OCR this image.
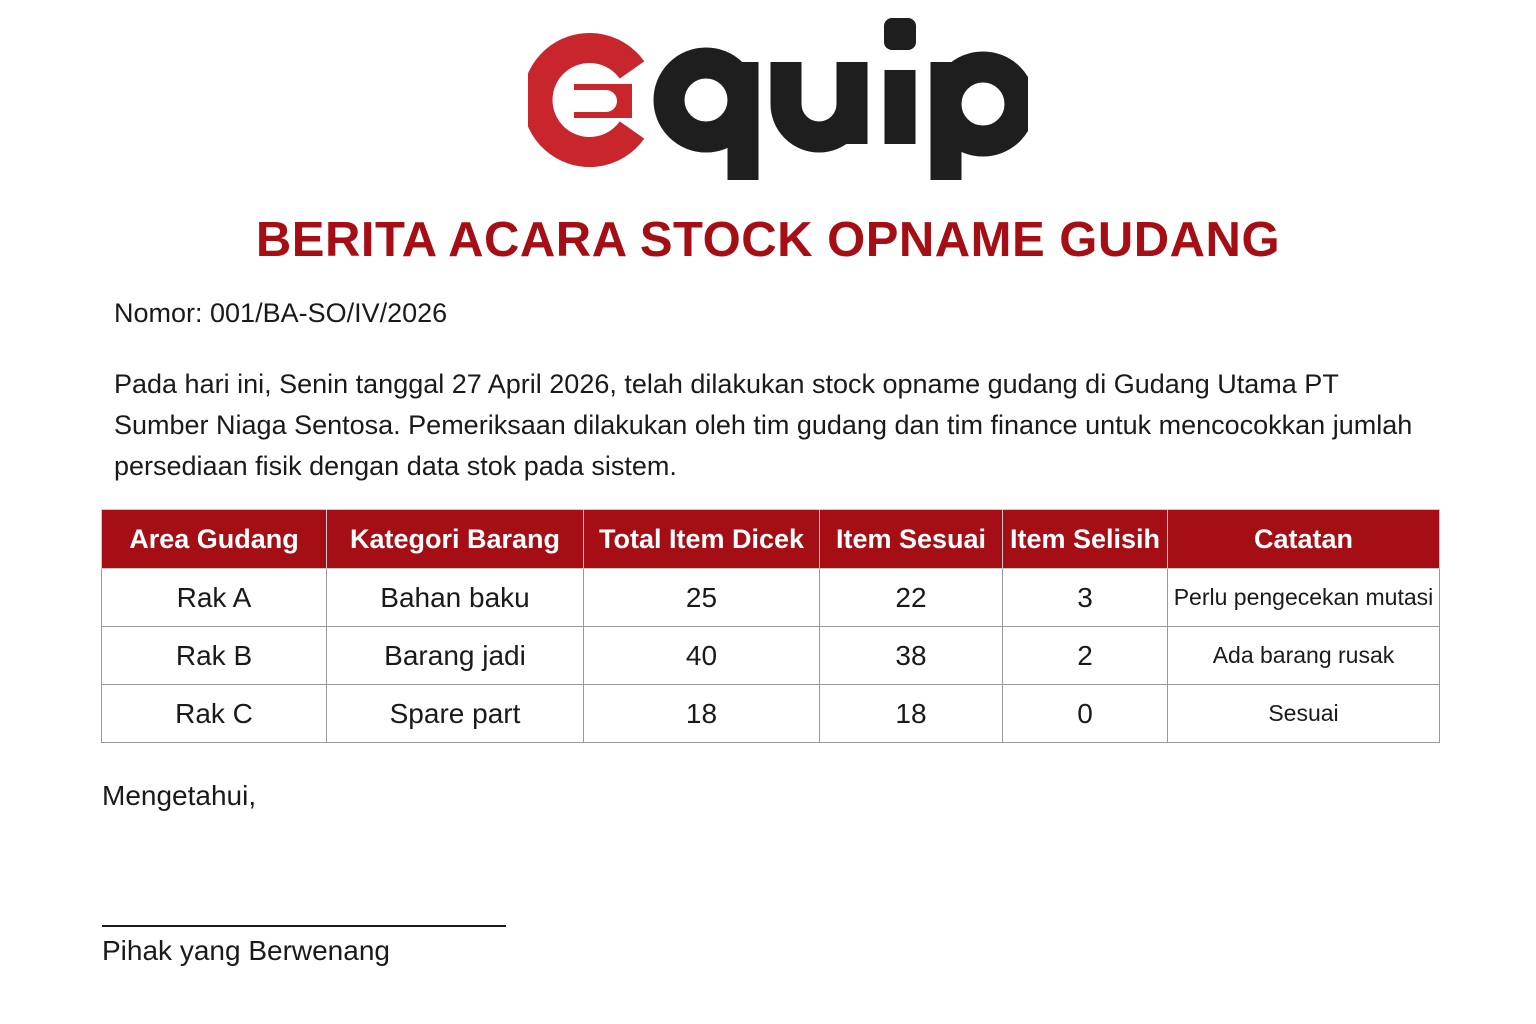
BERITA ACARA STOCK OPNAME GUDANG
Nomor: 001/BA-SO/IV/2026

Pada hari ini, Senin tanggal 27 April 2026, telah dilakukan stock opname gudang di Gudang Utama PT Sumber Niaga Sentosa. Pemeriksaan dilakukan oleh tim gudang dan tim finance untuk mencocokkan jumlah persediaan fisik dengan data stok pada sistem.

Area Gudang	Kategori Barang	Total Item Dicek	Item Sesuai	Item Selisih	Catatan
Rak A	Bahan baku	25	22	3	Perlu pengecekan mutasi
Rak B	Barang jadi	40	38	2	Ada barang rusak
Rak C	Spare part	18	18	0	Sesuai
Mengetahui,
Pihak yang Berwenang
